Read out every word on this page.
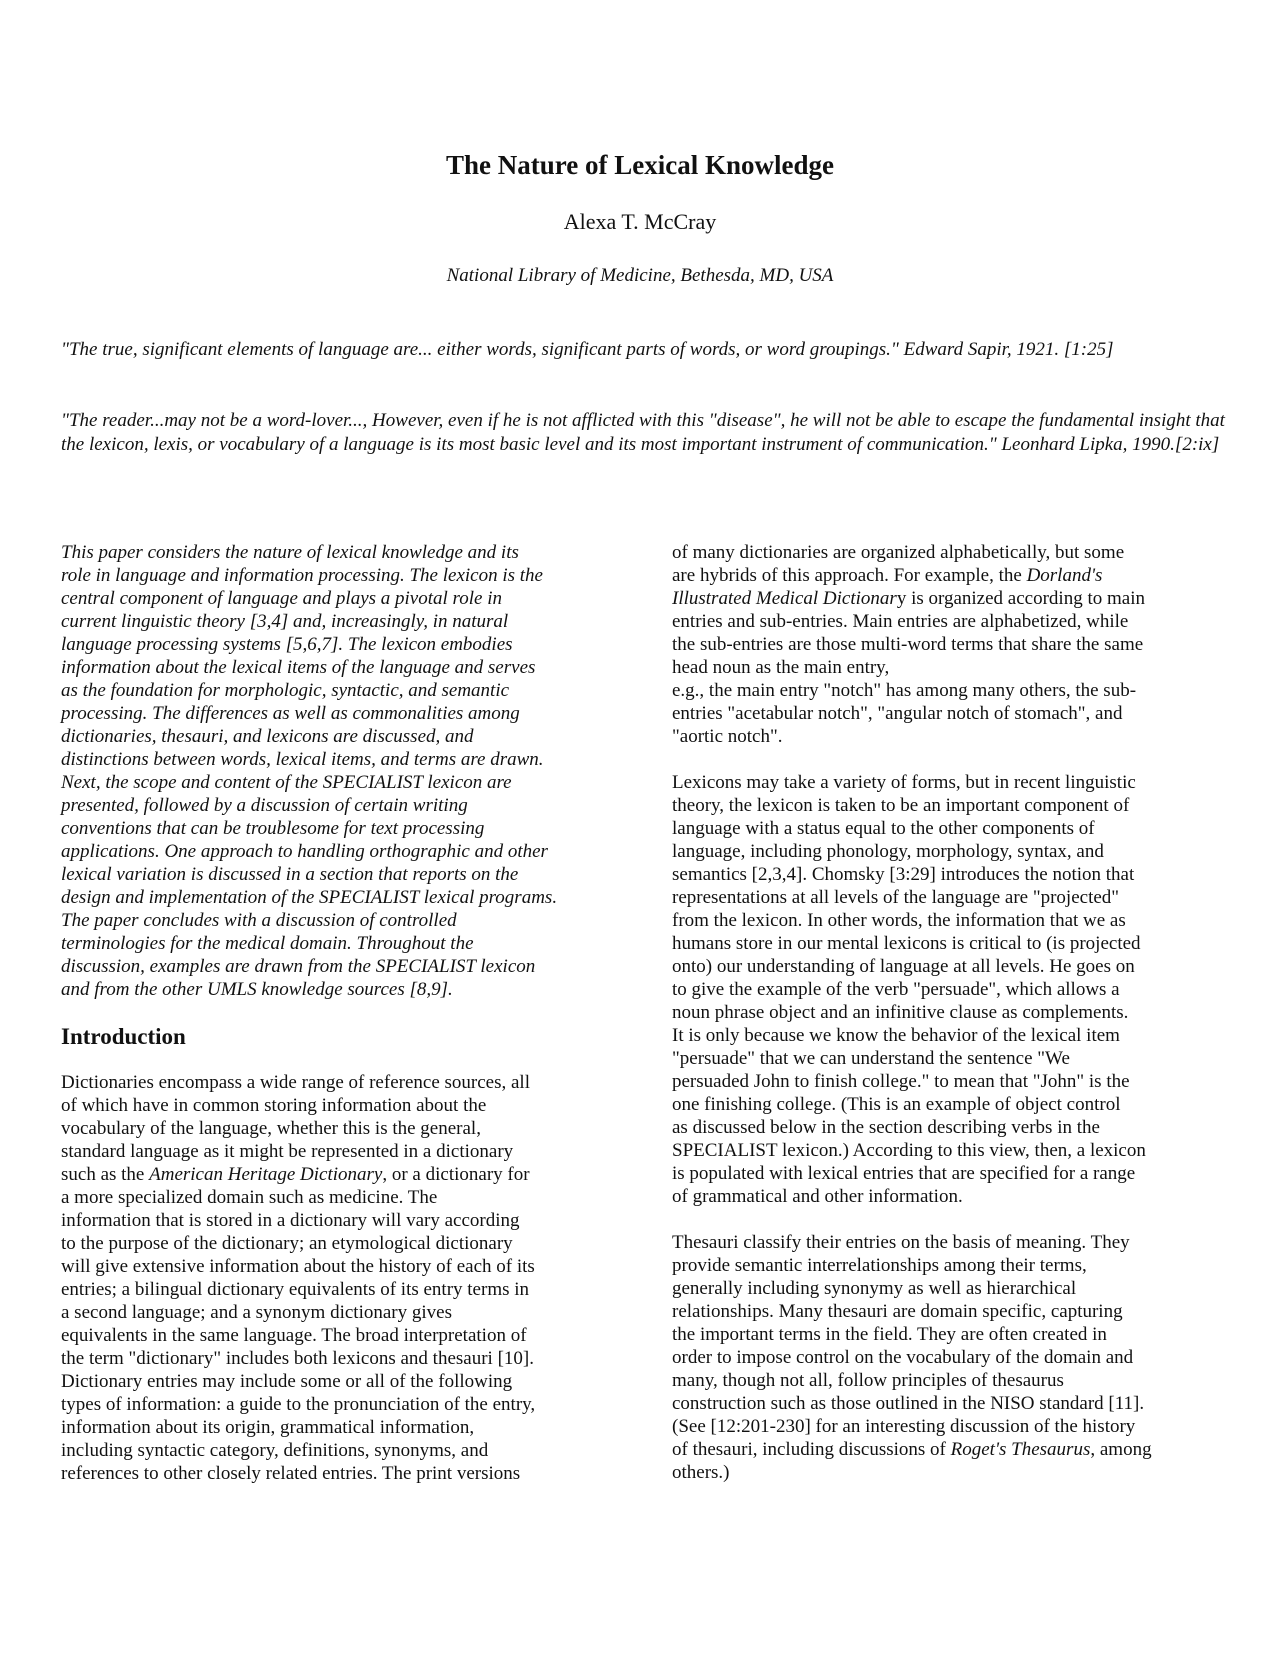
The Nature of Lexical Knowledge
Alexa T. McCray
National Library of Medicine, Bethesda, MD, USA

"The true, significant elements of language are... either words, significant parts of words, or word groupings." Edward Sapir, 1921. [1:25]

"The reader...may not be a word-lover..., However, even if he is not afflicted with this "disease", he will not be able to escape the fundamental insight that the lexicon, lexis, or vocabulary of a language is its most basic level and its most important instrument of communication." Leonhard Lipka, 1990.[2:ix]

This paper considers the nature of lexical knowledge and its
role in language and information processing. The lexicon is the
central component of language and plays a pivotal role in
current linguistic theory [3,4] and, increasingly, in natural
language processing systems [5,6,7]. The lexicon embodies
information about the lexical items of the language and serves
as the foundation for morphologic, syntactic, and semantic
processing. The differences as well as commonalities among
dictionaries, thesauri, and lexicons are discussed, and
distinctions between words, lexical items, and terms are drawn.
Next, the scope and content of the SPECIALIST lexicon are
presented, followed by a discussion of certain writing
conventions that can be troublesome for text processing
applications. One approach to handling orthographic and other
lexical variation is discussed in a section that reports on the
design and implementation of the SPECIALIST lexical programs.
The paper concludes with a discussion of controlled
terminologies for the medical domain. Throughout the
discussion, examples are drawn from the SPECIALIST lexicon
and from the other UMLS knowledge sources [8,9].
Introduction
Dictionaries encompass a wide range of reference sources, all
of which have in common storing information about the
vocabulary of the language, whether this is the general,
standard language as it might be represented in a dictionary
such as the American Heritage Dictionary, or a dictionary for
a more specialized domain such as medicine. The
information that is stored in a dictionary will vary according
to the purpose of the dictionary; an etymological dictionary
will give extensive information about the history of each of its
entries; a bilingual dictionary equivalents of its entry terms in
a second language; and a synonym dictionary gives
equivalents in the same language. The broad interpretation of
the term "dictionary" includes both lexicons and thesauri [10].
Dictionary entries may include some or all of the following
types of information: a guide to the pronunciation of the entry,
information about its origin, grammatical information,
including syntactic category, definitions, synonyms, and
references to other closely related entries. The print versions
of many dictionaries are organized alphabetically, but some
are hybrids of this approach. For example, the Dorland's
Illustrated Medical Dictionary is organized according to main
entries and sub-entries. Main entries are alphabetized, while
the sub-entries are those multi-word terms that share the same
head noun as the main entry,
e.g., the main entry "notch" has among many others, the sub-
entries "acetabular notch", "angular notch of stomach", and
"aortic notch".
Lexicons may take a variety of forms, but in recent linguistic
theory, the lexicon is taken to be an important component of
language with a status equal to the other components of
language, including phonology, morphology, syntax, and
semantics [2,3,4]. Chomsky [3:29] introduces the notion that
representations at all levels of the language are "projected"
from the lexicon. In other words, the information that we as
humans store in our mental lexicons is critical to (is projected
onto) our understanding of language at all levels. He goes on
to give the example of the verb "persuade", which allows a
noun phrase object and an infinitive clause as complements.
It is only because we know the behavior of the lexical item
"persuade" that we can understand the sentence "We
persuaded John to finish college." to mean that "John" is the
one finishing college. (This is an example of object control
as discussed below in the section describing verbs in the
SPECIALIST lexicon.) According to this view, then, a lexicon
is populated with lexical entries that are specified for a range
of grammatical and other information.
Thesauri classify their entries on the basis of meaning. They
provide semantic interrelationships among their terms,
generally including synonymy as well as hierarchical
relationships. Many thesauri are domain specific, capturing
the important terms in the field. They are often created in
order to impose control on the vocabulary of the domain and
many, though not all, follow principles of thesaurus
construction such as those outlined in the NISO standard [11].
(See [12:201-230] for an interesting discussion of the history
of thesauri, including discussions of Roget's Thesaurus, among
others.)
